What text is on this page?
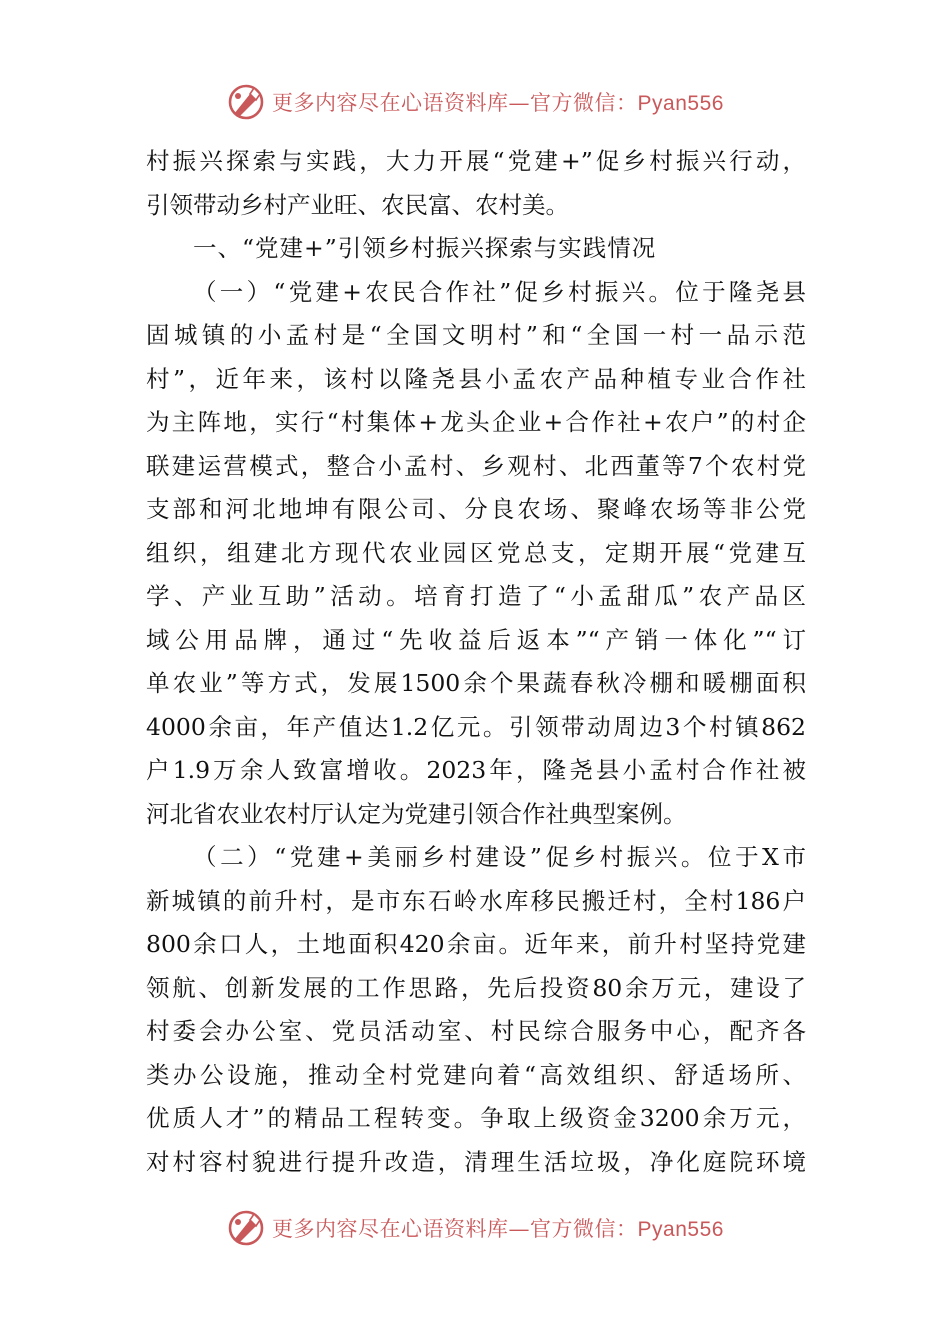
更多内容尽在心语资料库—官方微信：Pyan556
村振兴探索与实践，大力开展“党建+”促乡村振兴行动，
引领带动乡村产业旺、农民富、农村美。
一、“党建+”引领乡村振兴探索与实践情况
（一）“党建+农民合作社”促乡村振兴。位于隆尧县
固城镇的小孟村是“全国文明村”和“全国一村一品示范
村”，近年来，该村以隆尧县小孟农产品种植专业合作社
为主阵地，实行“村集体+龙头企业+合作社+农户”的村企
联建运营模式，整合小孟村、乡观村、北西董等7个农村党
支部和河北地坤有限公司、分良农场、聚峰农场等非公党
组织，组建北方现代农业园区党总支，定期开展“党建互
学、产业互助”活动。培育打造了“小孟甜瓜”农产品区
域公用品牌，通过“先收益后返本”“产销一体化”“订
单农业”等方式，发展1500余个果蔬春秋冷棚和暖棚面积
4000余亩，年产值达1.2亿元。引领带动周边3个村镇862
户1.9万余人致富增收。2023年，隆尧县小孟村合作社被
河北省农业农村厅认定为党建引领合作社典型案例。
（二）“党建+美丽乡村建设”促乡村振兴。位于X市
新城镇的前升村，是市东石岭水库移民搬迁村，全村186户
800余口人，土地面积420余亩。近年来，前升村坚持党建
领航、创新发展的工作思路，先后投资80余万元，建设了
村委会办公室、党员活动室、村民综合服务中心，配齐各
类办公设施，推动全村党建向着“高效组织、舒适场所、
优质人才”的精品工程转变。争取上级资金3200余万元，
对村容村貌进行提升改造，清理生活垃圾，净化庭院环境
更多内容尽在心语资料库—官方微信：Pyan556
